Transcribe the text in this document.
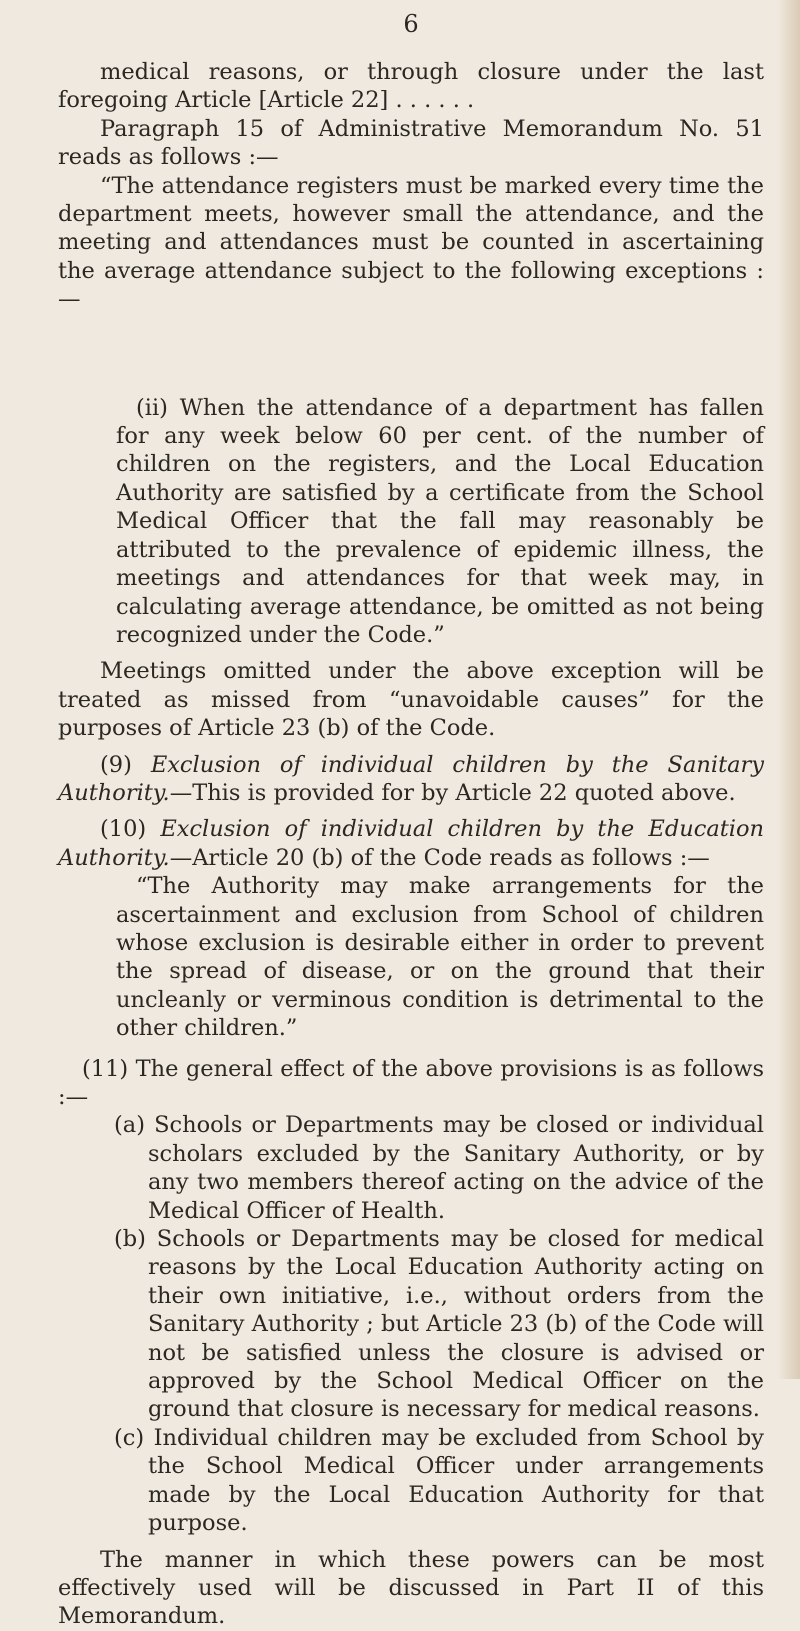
6

medical reasons, or through closure under the last foregoing Article [Article 22] . . . . . .

Paragraph 15 of Administrative Memorandum No. 51 reads as follows :—

“The attendance registers must be marked every time the department meets, however small the attendance, and the meeting and attendances must be counted in ascertaining the average attendance subject to the following exceptions :—

(ii) When the attendance of a department has fallen for any week below 60 per cent. of the number of children on the registers, and the Local Education Authority are satisfied by a certificate from the School Medical Officer that the fall may reasonably be attributed to the prevalence of epidemic illness, the meetings and attendances for that week may, in calculating average attendance, be omitted as not being recognized under the Code.”

Meetings omitted under the above exception will be treated as missed from “unavoidable causes” for the purposes of Article 23 (b) of the Code.

(9) Exclusion of individual children by the Sanitary Authority.—This is provided for by Article 22 quoted above.

(10) Exclusion of individual children by the Education Authority.—Article 20 (b) of the Code reads as follows :—

“The Authority may make arrangements for the ascertainment and exclusion from School of children whose exclusion is desirable either in order to prevent the spread of disease, or on the ground that their uncleanly or verminous condition is detrimental to the other children.”

(11) The general effect of the above provisions is as follows :—

(a) Schools or Departments may be closed or individual scholars excluded by the Sanitary Authority, or by any two members thereof acting on the advice of the Medical Officer of Health.

(b) Schools or Departments may be closed for medical reasons by the Local Education Authority acting on their own initiative, i.e., without orders from the Sanitary Authority ; but Article 23 (b) of the Code will not be satisfied unless the closure is advised or approved by the School Medical Officer on the ground that closure is necessary for medical reasons.

(c) Individual children may be excluded from School by the School Medical Officer under arrangements made by the Local Education Authority for that purpose.

The manner in which these powers can be most effectively used will be discussed in Part II of this Memorandum.
